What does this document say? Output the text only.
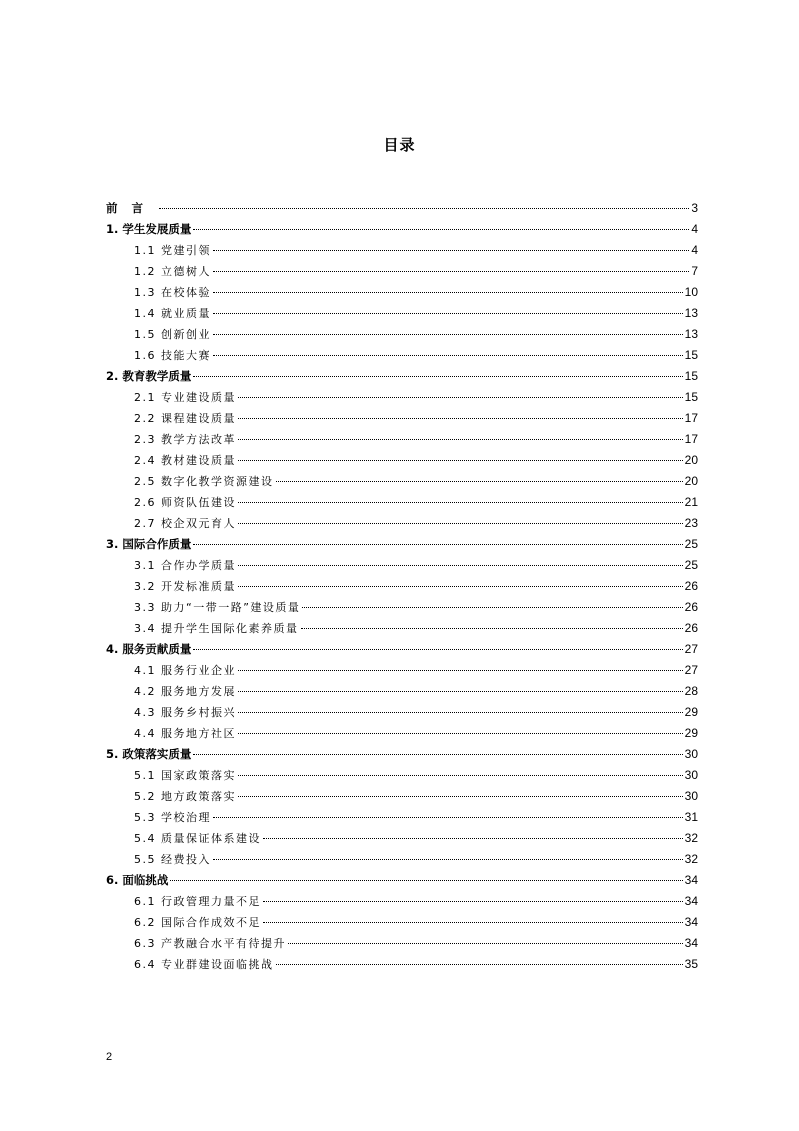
目录
前言	3
1. 学生发展质量	4
1.1 党建引领	4
1.2 立德树人	7
1.3 在校体验	10
1.4 就业质量	13
1.5 创新创业	13
1.6 技能大赛	15
2. 教育教学质量	15
2.1 专业建设质量	15
2.2 课程建设质量	17
2.3 教学方法改革	17
2.4 教材建设质量	20
2.5 数字化教学资源建设	20
2.6 师资队伍建设	21
2.7 校企双元育人	23
3. 国际合作质量	25
3.1 合作办学质量	25
3.2 开发标准质量	26
3.3 助力“一带一路”建设质量	26
3.4 提升学生国际化素养质量	26
4. 服务贡献质量	27
4.1 服务行业企业	27
4.2 服务地方发展	28
4.3 服务乡村振兴	29
4.4 服务地方社区	29
5. 政策落实质量	30
5.1 国家政策落实	30
5.2 地方政策落实	30
5.3 学校治理	31
5.4 质量保证体系建设	32
5.5 经费投入	32
6. 面临挑战	34
6.1 行政管理力量不足	34
6.2 国际合作成效不足	34
6.3 产教融合水平有待提升	34
6.4 专业群建设面临挑战	35
2
